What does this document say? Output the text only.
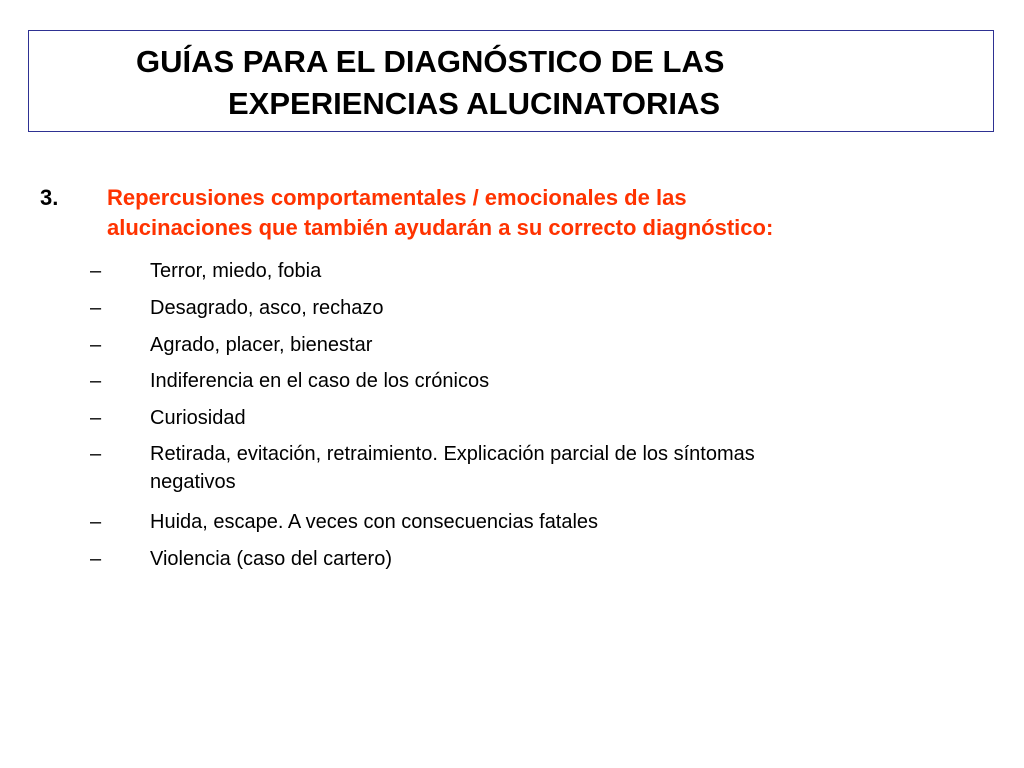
GUÍAS PARA EL DIAGNÓSTICO DE LAS
EXPERIENCIAS ALUCINATORIAS
3. Repercusiones comportamentales / emocionales de las
alucinaciones que también ayudarán a su correcto diagnóstico:
– Terror, miedo, fobia
– Desagrado, asco, rechazo
– Agrado, placer, bienestar
– Indiferencia en el caso de los crónicos
– Curiosidad
– Retirada, evitación, retraimiento. Explicación parcial de los síntomas
negativos
– Huida, escape. A veces con consecuencias fatales
– Violencia (caso del cartero)
